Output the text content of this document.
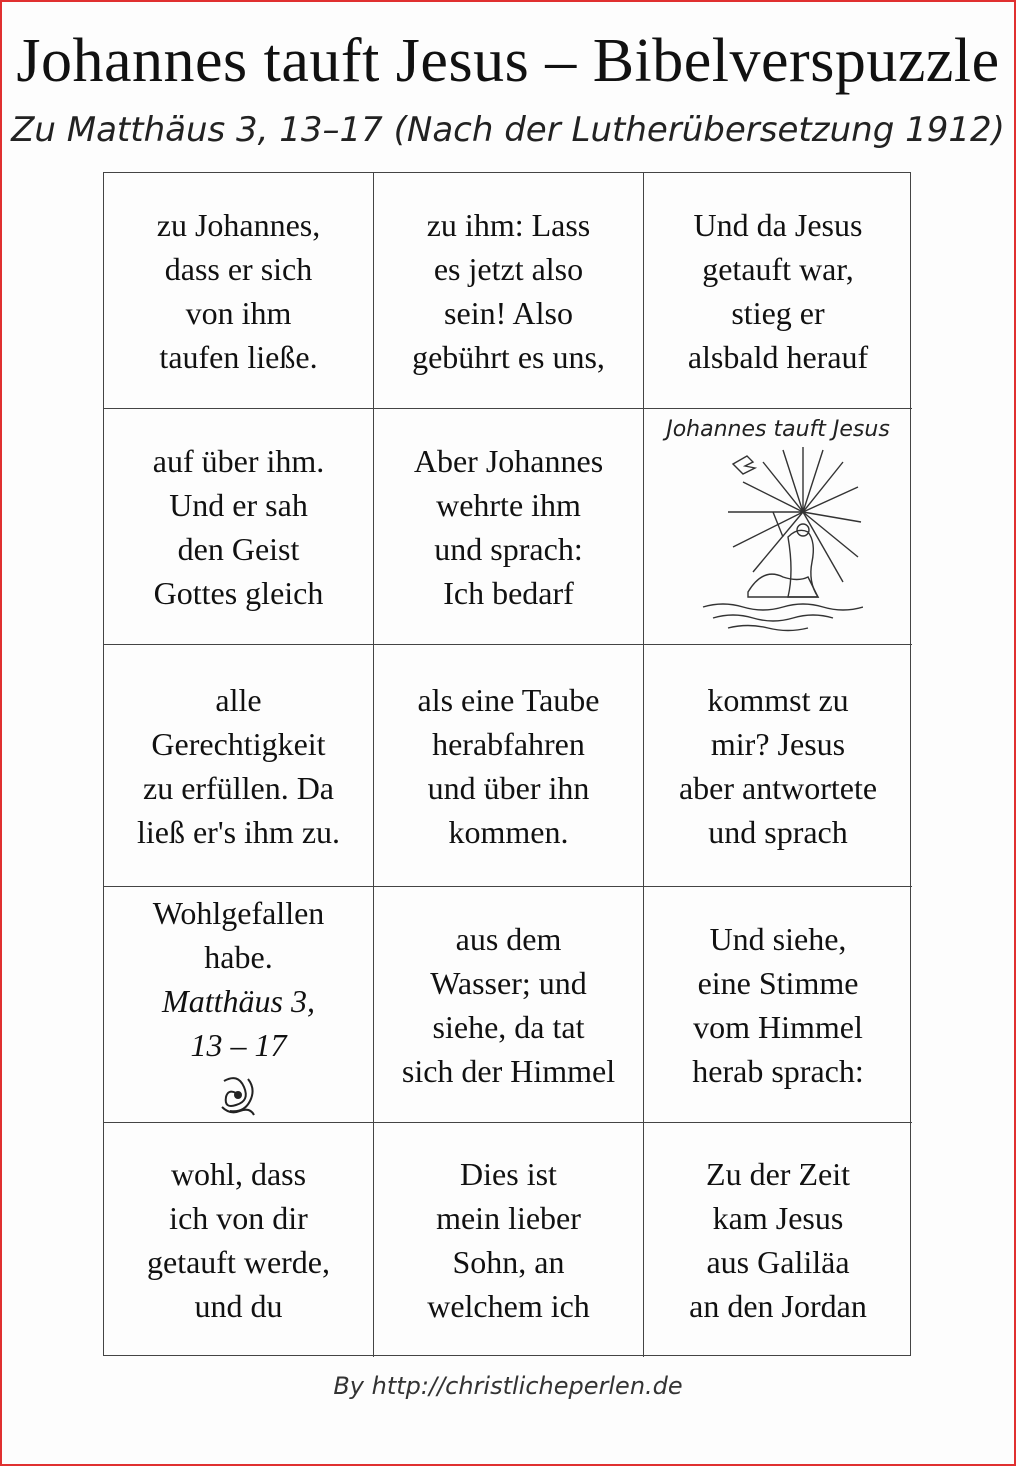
Johannes tauft Jesus – Bibelverspuzzle
Zu Matthäus 3, 13–17 (Nach der Lutherübersetzung 1912)
zu Johannes,
dass er sich
von ihm
taufen ließe.
zu ihm: Lass
es jetzt also
sein! Also
gebührt es uns,
Und da Jesus
getauft war,
stieg er
alsbald herauf
auf über ihm.
Und er sah
den Geist
Gottes gleich
Aber Johannes
wehrte ihm
und sprach:
Ich bedarf
Johannes tauft Jesus
alle
Gerechtigkeit
zu erfüllen. Da
ließ er's ihm zu.
als eine Taube
herabfahren
und über ihn
kommen.
kommst zu
mir? Jesus
aber antwortete
und sprach
Wohlgefallen
habe.
Matthäus 3,
13 – 17
aus dem
Wasser; und
siehe, da tat
sich der Himmel
Und siehe,
eine Stimme
vom Himmel
herab sprach:
wohl, dass
ich von dir
getauft werde,
und du
Dies ist
mein lieber
Sohn, an
welchem ich
Zu der Zeit
kam Jesus
aus Galiläa
an den Jordan
By http://christlicheperlen.de
